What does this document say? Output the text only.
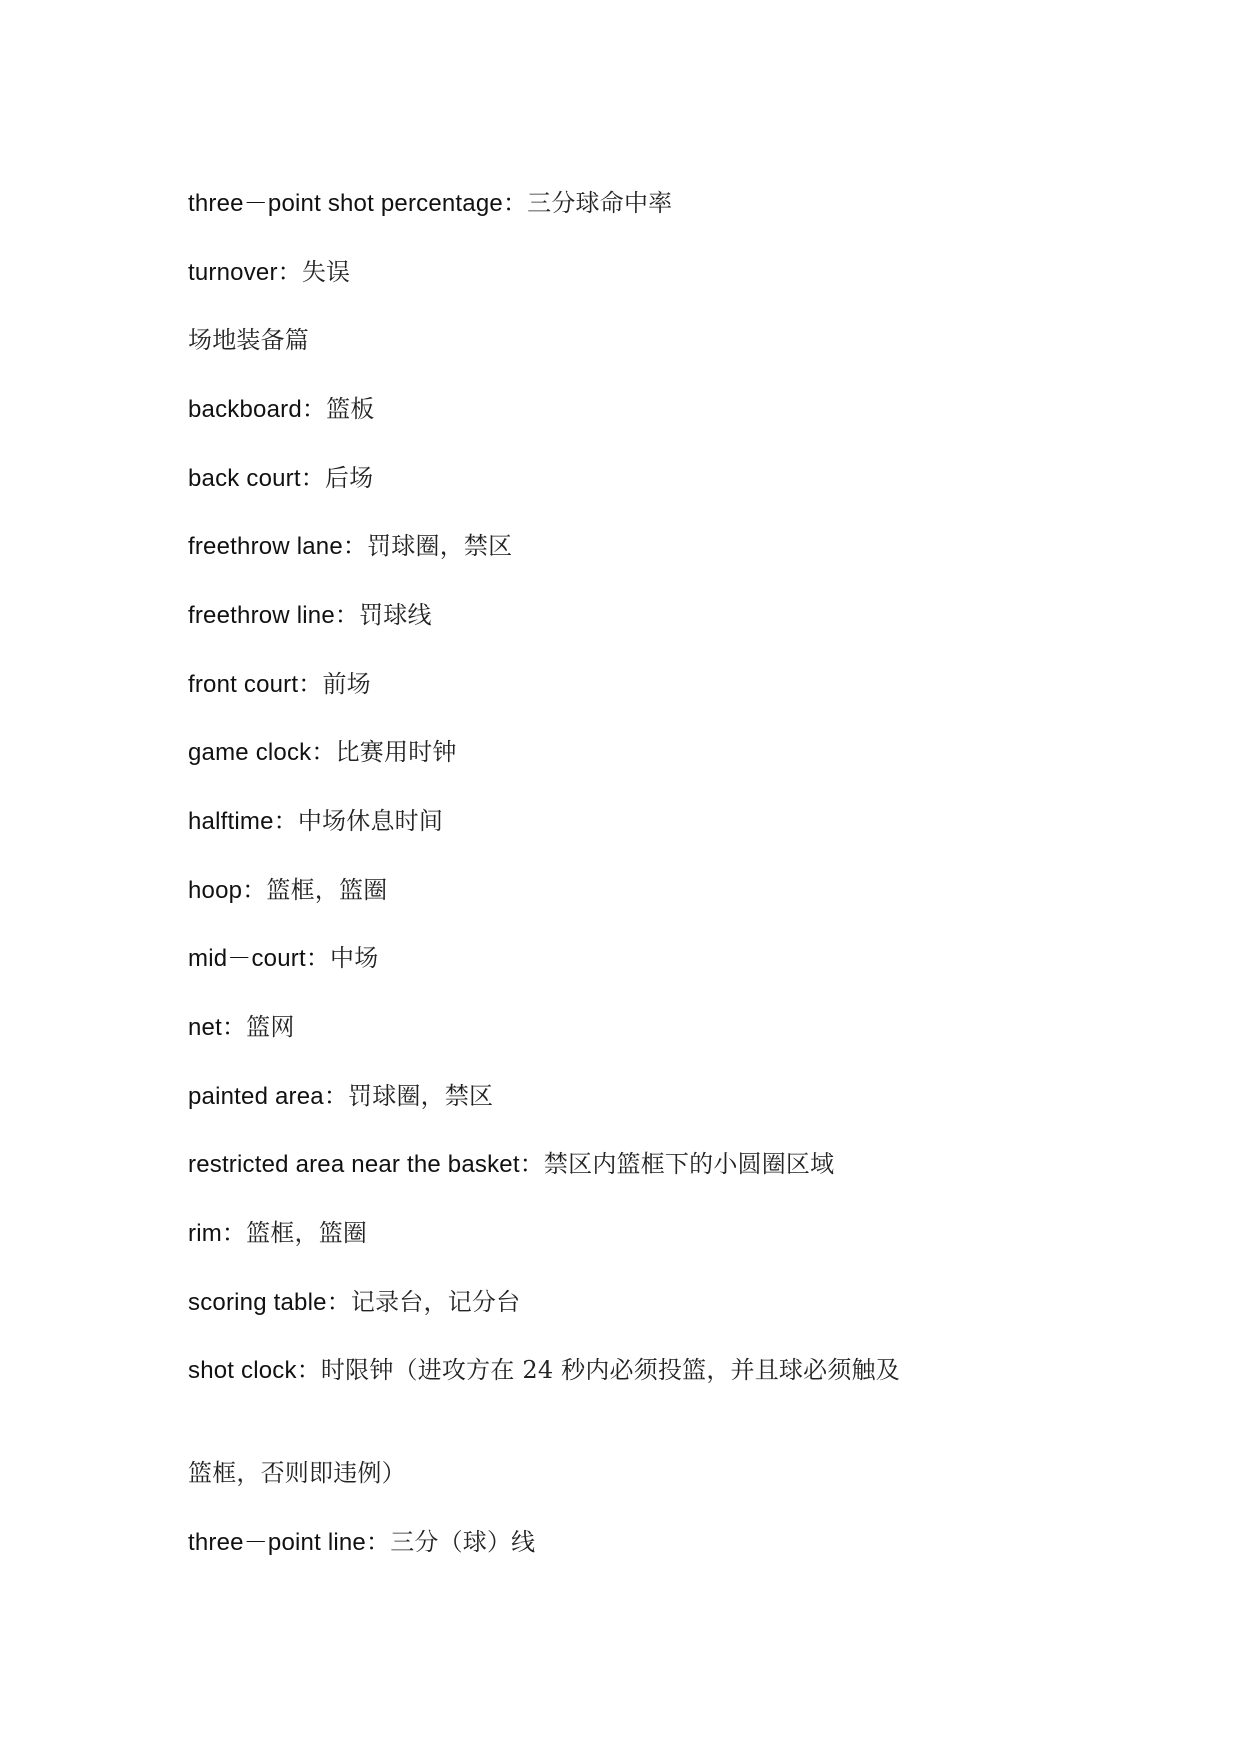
three－point shot percentage：三分球命中率
turnover：失误
场地装备篇
backboard：篮板
back court：后场
freethrow lane：罚球圈，禁区
freethrow line：罚球线
front court：前场
game clock：比赛用时钟
halftime：中场休息时间
hoop：篮框，篮圈
mid－court：中场
net：篮网
painted area：罚球圈，禁区
restricted area near the basket：禁区内篮框下的小圆圈区域
rim：篮框，篮圈
scoring table：记录台，记分台
shot clock：时限钟（进攻方在 24 秒内必须投篮，并且球必须触及
篮框，否则即违例）
three－point line：三分（球）线
